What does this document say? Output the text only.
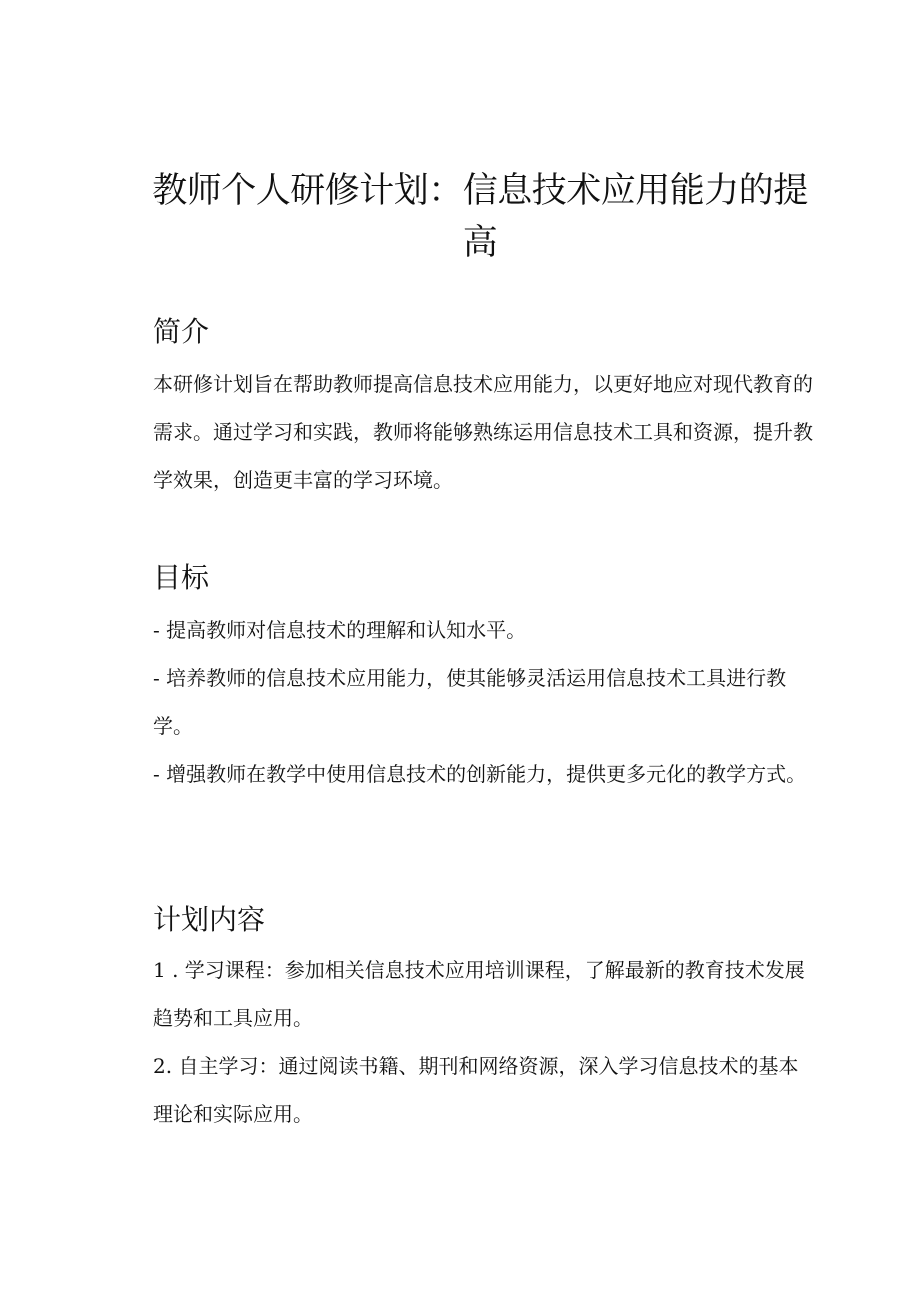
教师个人研修计划：信息技术应用能力的提高
简介

本研修计划旨在帮助教师提高信息技术应用能力，以更好地应对现代教育的需求。通过学习和实践，教师将能够熟练运用信息技术工具和资源，提升教学效果，创造更丰富的学习环境。

目标

- 提高教师对信息技术的理解和认知水平。

- 培养教师的信息技术应用能力，使其能够灵活运用信息技术工具进行教学。

- 增强教师在教学中使用信息技术的创新能力，提供更多元化的教学方式。

计划内容

1 . 学习课程：参加相关信息技术应用培训课程，了解最新的教育技术发展趋势和工具应用。

2. 自主学习：通过阅读书籍、期刊和网络资源，深入学习信息技术的基本理论和实际应用。
